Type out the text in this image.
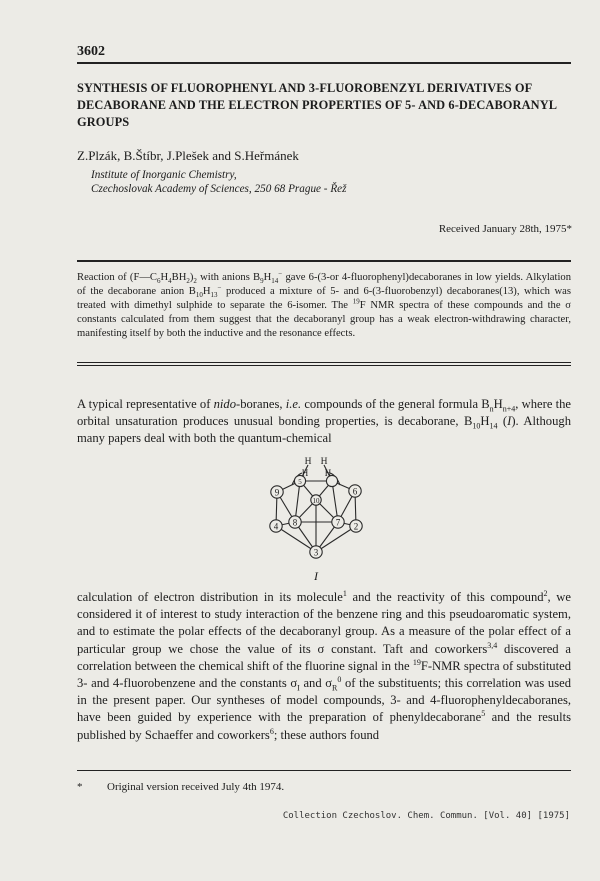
3602
SYNTHESIS OF FLUOROPHENYL AND 3-FLUOROBENZYL DERIVATIVES OF DECABORANE AND THE ELECTRON PROPERTIES OF 5- AND 6-DECABORANYL GROUPS
Z.Plzák, B.Štíbr, J.Plešek and S.Heřmánek
Institute of Inorganic Chemistry,
Czechoslovak Academy of Sciences, 250 68 Prague - Řež
Received January 28th, 1975*
Reaction of $(F—C_6H_4BH_2)_2$ with anions $B_9H_{14}^-$ gave 6-(3-or 4-fluorophenyl)decaboranes in low yields. Alkylation of the decaborane anion $B_{10}H_{13}^-$ produced a mixture of 5- and 6-(3-fluorobenzyl) decaboranes(13), which was treated with dimethyl sulphide to separate the 6-isomer. The $^{19}$F NMR spectra of these compounds and the σ constants calculated from them suggest that the decaboranyl group has a weak electron-withdrawing character, manifesting itself by both the inductive and the resonance effects.
A typical representative of nido-boranes, i.e. compounds of the general formula $B_nH_{n+4}$, where the orbital unsaturation produces unusual bonding properties, is decaborane, $B_{10}H_{14}$ (I). Although many papers deal with both the quantum-chemical
9	6
5
7
8
10
4	2
3
H H
H H
I
calculation of electron distribution in its molecule$^1$ and the reactivity of this compound$^2$, we considered it of interest to study interaction of the benzene ring and this pseudoaromatic system, and to estimate the polar effects of the decaboranyl group. As a measure of the polar effect of a particular group we chose the value of its σ constant. Taft and coworkers$^{3,4}$ discovered a correlation between the chemical shift of the fluorine signal in the $^{19}$F-NMR spectra of substituted 3- and 4-fluorobenzene and the constants $\sigma_I$ and $\sigma_R^0$ of the substituents; this correlation was used in the present paper. Our syntheses of model compounds, 3- and 4-fluorophenyldecaboranes, have been guided by experience with the preparation of phenyldecaborane$^5$ and the results published by Schaeffer and coworkers$^6$; these authors found
* Original version received July 4th 1974.
Collection Czechoslov. Chem. Commun. [Vol. 40] [1975]
